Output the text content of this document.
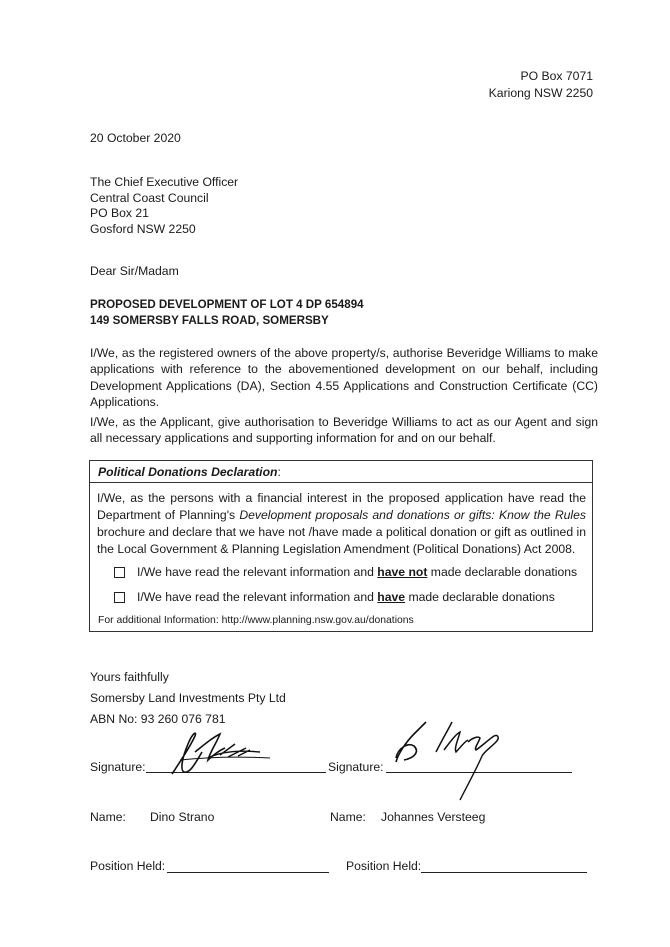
PO Box 7071
Kariong NSW 2250
20 October 2020
The Chief Executive Officer
Central Coast Council
PO Box 21
Gosford NSW 2250
Dear Sir/Madam
PROPOSED DEVELOPMENT OF LOT 4 DP 654894
149 SOMERSBY FALLS ROAD, SOMERSBY
I/We, as the registered owners of the above property/s, authorise Beveridge Williams to make applications with reference to the abovementioned development on our behalf, including Development Applications (DA), Section 4.55 Applications and Construction Certificate (CC) Applications.
I/We, as the Applicant, give authorisation to Beveridge Williams to act as our Agent and sign all necessary applications and supporting information for and on our behalf.
Political Donations Declaration:
I/We, as the persons with a financial interest in the proposed application have read the Department of Planning's Development proposals and donations or gifts: Know the Rules brochure and declare that we have not /have made a political donation or gift as outlined in the Local Government & Planning Legislation Amendment (Political Donations) Act 2008.
I/We have read the relevant information and have not made declarable donations
I/We have read the relevant information and have made declarable donations
For additional Information: http://www.planning.nsw.gov.au/donations
Yours faithfully
Somersby Land Investments Pty Ltd
ABN No: 93 260 076 781
Signature:	Signature:
Name: Dino Strano	Name: Johannes Versteeg
Position Held:	Position Held:
